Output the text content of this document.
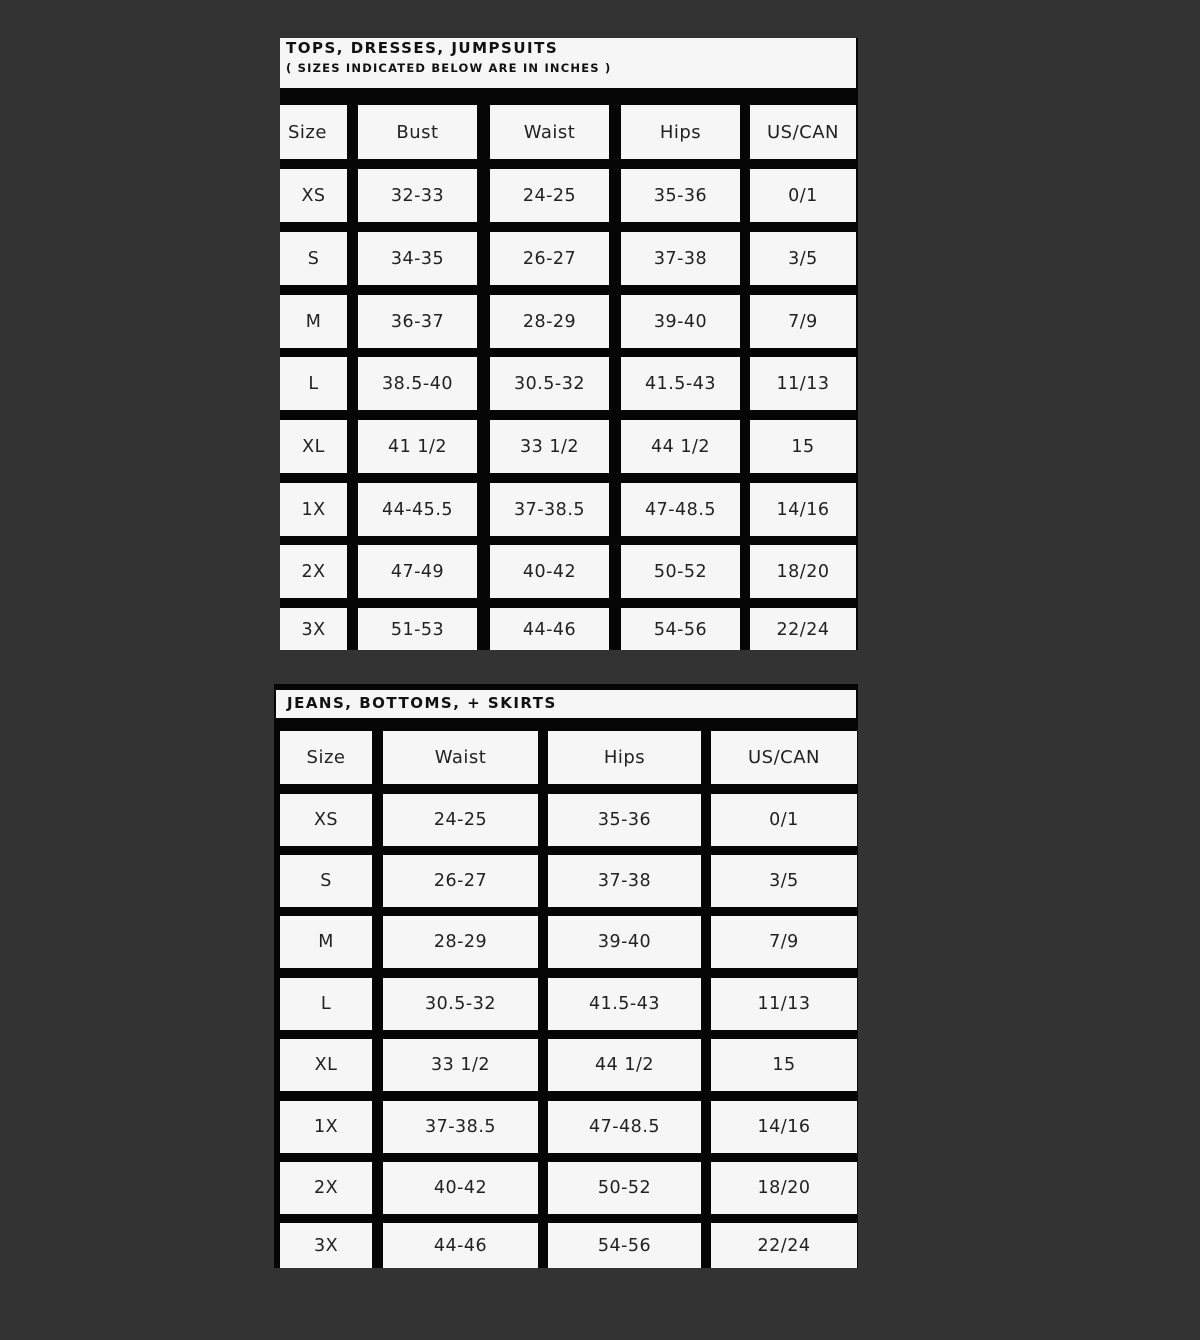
TOPS, DRESSES, JUMPSUITS
( SIZES INDICATED BELOW ARE IN INCHES )
Size	Bust	Waist	Hips	US/CAN
XS	32-33	24-25	35-36	0/1
S	34-35	26-27	37-38	3/5
M	36-37	28-29	39-40	7/9
L	38.5-40	30.5-32	41.5-43	11/13
XL	41 1/2	33 1/2	44 1/2	15
1X	44-45.5	37-38.5	47-48.5	14/16
2X	47-49	40-42	50-52	18/20
3X	51-53	44-46	54-56	22/24
JEANS, BOTTOMS, + SKIRTS
Size	Waist	Hips	US/CAN
XS	24-25	35-36	0/1
S	26-27	37-38	3/5
M	28-29	39-40	7/9
L	30.5-32	41.5-43	11/13
XL	33 1/2	44 1/2	15
1X	37-38.5	47-48.5	14/16
2X	40-42	50-52	18/20
3X	44-46	54-56	22/24
